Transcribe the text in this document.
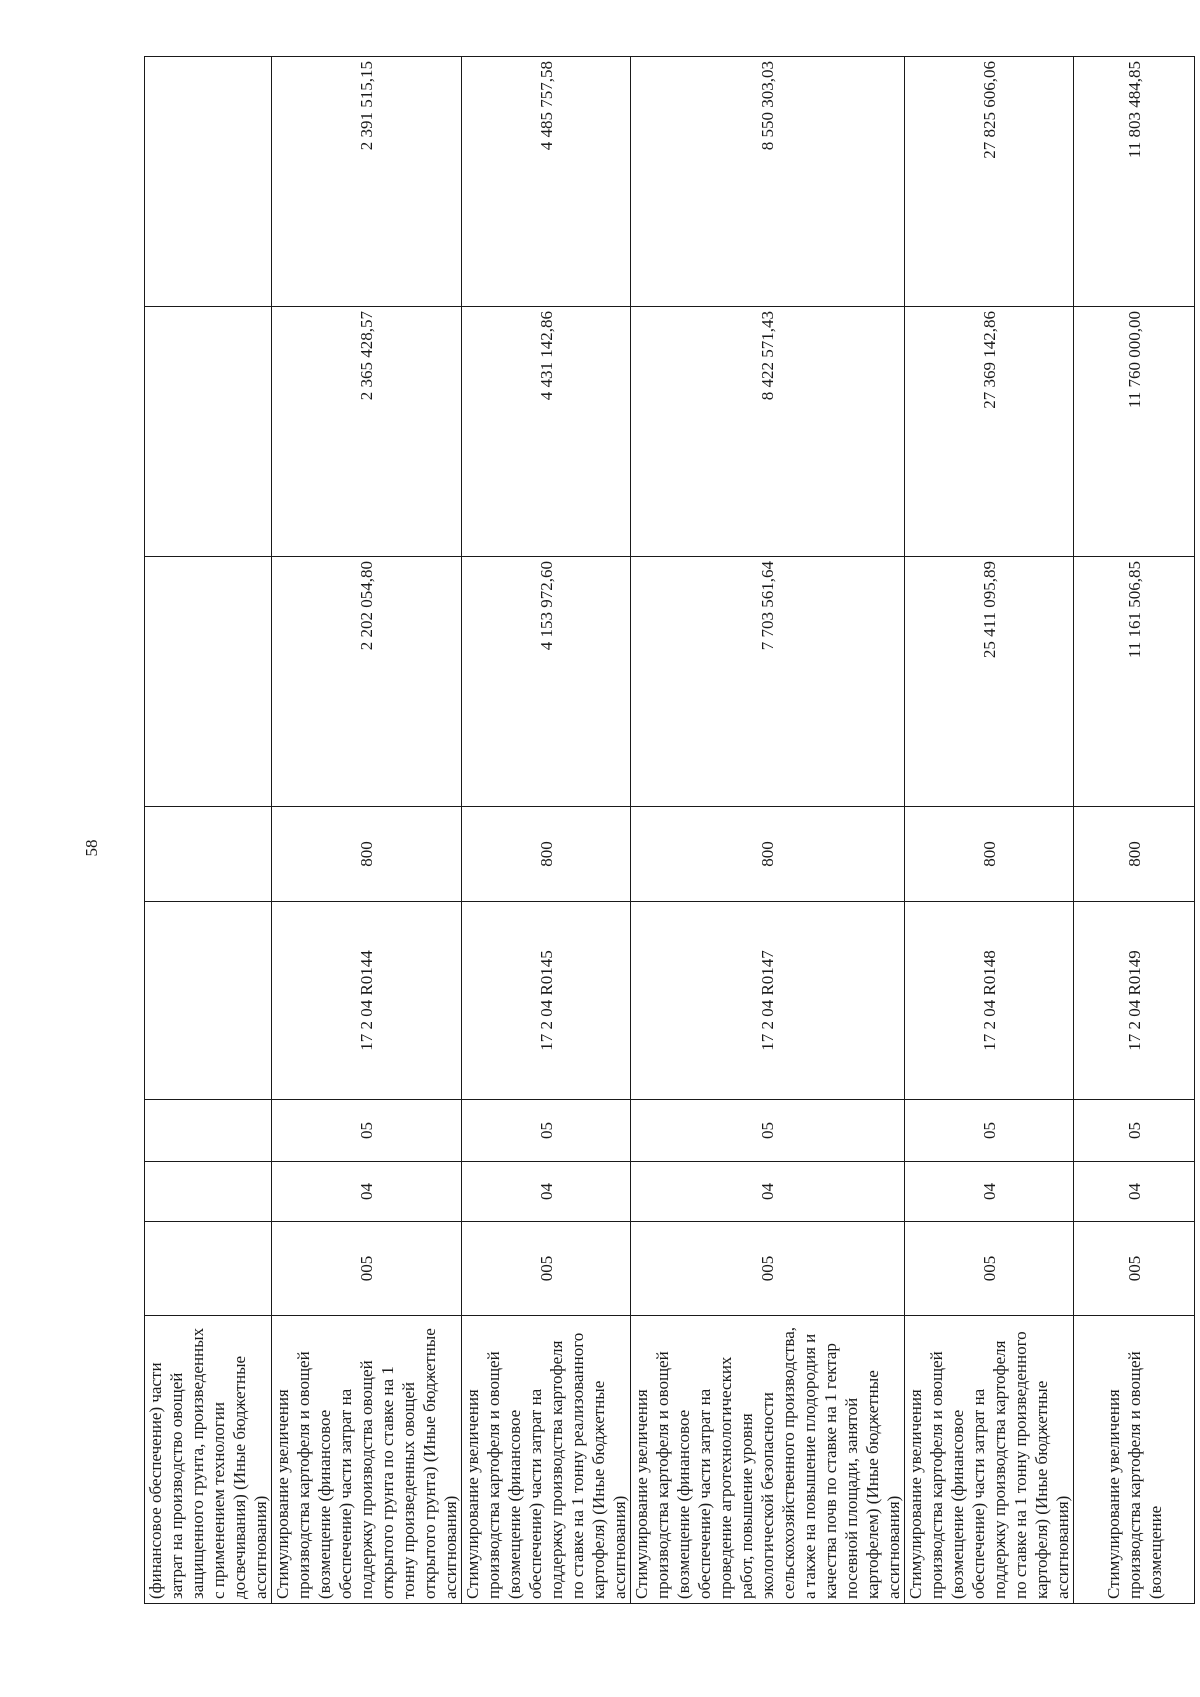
58
(финансовое обеспечение) части затрат на производство овощей защищенного грунта, произведенных с применением технологии досвечивания) (Иные бюджетные ассигнования)								
Стимулирование увеличения производства картофеля и овощей (возмещение (финансовое обеспечение) части затрат на поддержку производства овощей открытого грунта по ставке на 1 тонну произведенных овощей открытого грунта) (Иные бюджетные ассигнования)	005	04	05	17 2 04 R0144	800	2 202 054,80	2 365 428,57	2 391 515,15
Стимулирование увеличения производства картофеля и овощей (возмещение (финансовое обеспечение) части затрат на поддержку производства картофеля по ставке на 1 тонну реализованного картофеля) (Иные бюджетные ассигнования)	005	04	05	17 2 04 R0145	800	4 153 972,60	4 431 142,86	4 485 757,58
Стимулирование увеличения производства картофеля и овощей (возмещение (финансовое обеспечение) части затрат на проведение агротехнологических работ, повышение уровня экологической безопасности сельскохозяйственного производства, а также на повышение плодородия и качества почв по ставке на 1 гектар посевной площади, занятой картофелем) (Иные бюджетные ассигнования)	005	04	05	17 2 04 R0147	800	7 703 561,64	8 422 571,43	8 550 303,03
Стимулирование увеличения производства картофеля и овощей (возмещение (финансовое обеспечение) части затрат на поддержку производства картофеля по ставке на 1 тонну произведенного картофеля) (Иные бюджетные ассигнования)	005	04	05	17 2 04 R0148	800	25 411 095,89	27 369 142,86	27 825 606,06
Стимулирование увеличения производства картофеля и овощей (возмещение	005	04	05	17 2 04 R0149	800	11 161 506,85	11 760 000,00	11 803 484,85
